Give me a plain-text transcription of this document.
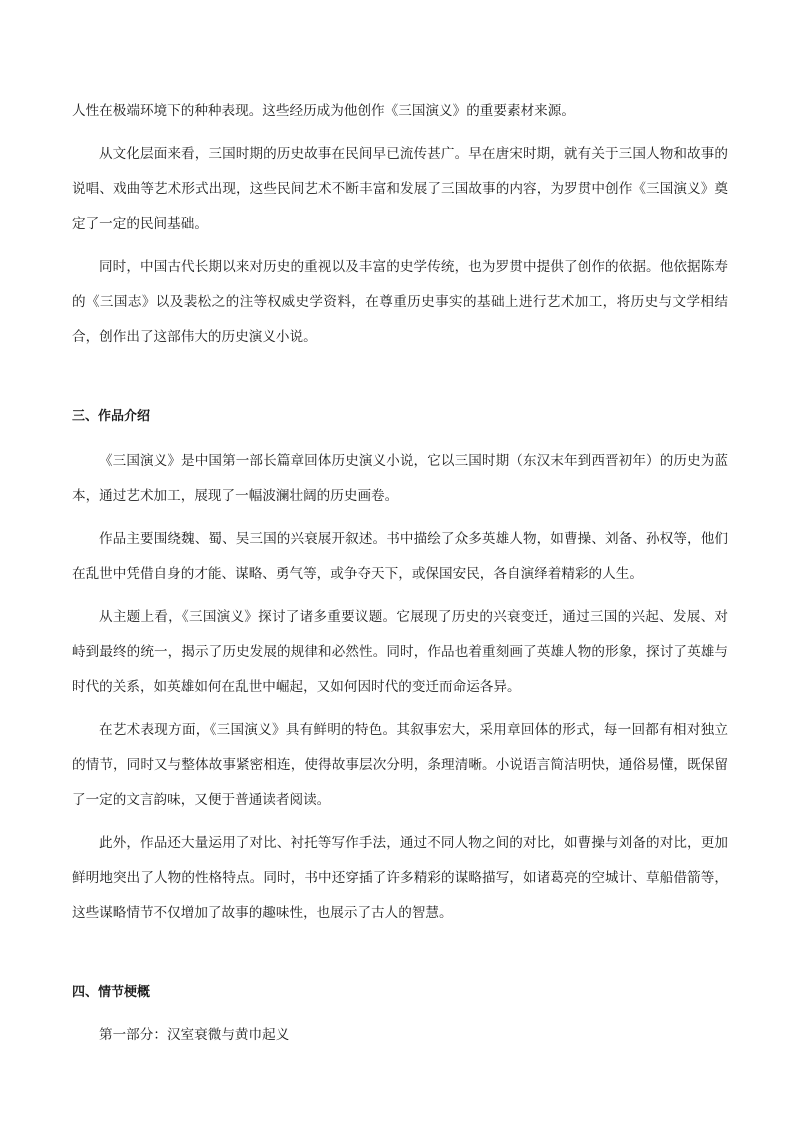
人性在极端环境下的种种表现。这些经历成为他创作《三国演义》的重要素材来源。

从文化层面来看，三国时期的历史故事在民间早已流传甚广。早在唐宋时期，就有关于三国人物和故事的说唱、戏曲等艺术形式出现，这些民间艺术不断丰富和发展了三国故事的内容，为罗贯中创作《三国演义》奠定了一定的民间基础。

同时，中国古代长期以来对历史的重视以及丰富的史学传统，也为罗贯中提供了创作的依据。他依据陈寿的《三国志》以及裴松之的注等权威史学资料，在尊重历史事实的基础上进行艺术加工，将历史与文学相结合，创作出了这部伟大的历史演义小说。

三、作品介绍

《三国演义》是中国第一部长篇章回体历史演义小说，它以三国时期（东汉末年到西晋初年）的历史为蓝本，通过艺术加工，展现了一幅波澜壮阔的历史画卷。

作品主要围绕魏、蜀、吴三国的兴衰展开叙述。书中描绘了众多英雄人物，如曹操、刘备、孙权等，他们在乱世中凭借自身的才能、谋略、勇气等，或争夺天下，或保国安民，各自演绎着精彩的人生。

从主题上看，《三国演义》探讨了诸多重要议题。它展现了历史的兴衰变迁，通过三国的兴起、发展、对峙到最终的统一，揭示了历史发展的规律和必然性。同时，作品也着重刻画了英雄人物的形象，探讨了英雄与时代的关系，如英雄如何在乱世中崛起，又如何因时代的变迁而命运各异。

在艺术表现方面，《三国演义》具有鲜明的特色。其叙事宏大，采用章回体的形式，每一回都有相对独立的情节，同时又与整体故事紧密相连，使得故事层次分明，条理清晰。小说语言简洁明快，通俗易懂，既保留了一定的文言韵味，又便于普通读者阅读。

此外，作品还大量运用了对比、衬托等写作手法，通过不同人物之间的对比，如曹操与刘备的对比，更加鲜明地突出了人物的性格特点。同时，书中还穿插了许多精彩的谋略描写，如诸葛亮的空城计、草船借箭等，这些谋略情节不仅增加了故事的趣味性，也展示了古人的智慧。

四、情节梗概

第一部分：汉室衰微与黄巾起义
